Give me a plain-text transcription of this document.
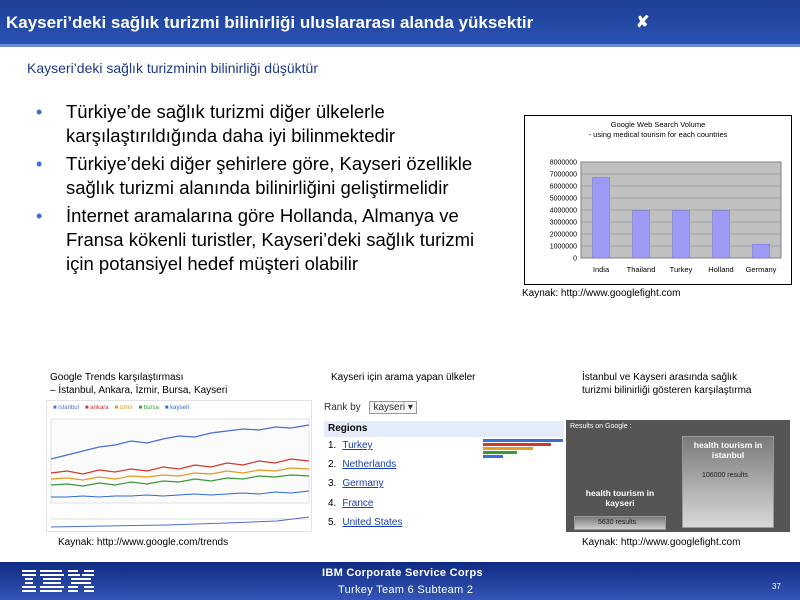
Kayseri’deki sağlık turizmi bilinirliği uluslararası alanda yüksektir	✘
Kayseri’deki sağlık turizminin bilinirliği düşüktür
• Türkiye’de sağlık turizmi diğer ülkelerle karşılaştırıldığında daha iyi bilinmektedir
• Türkiye’deki diğer şehirlere göre, Kayseri özellikle sağlık turizmi alanında bilinirliğini geliştirmelidir
• İnternet aramalarına göre Hollanda, Almanya ve Fransa kökenli turistler, Kayseri’deki sağlık turizmi için potansiyel hedef müşteri olabilir
Google Web Search Volume
- using medical tourism for each countries
8000000
7000000
6000000
5000000
4000000
3000000
2000000
1000000
0
India Thailand Turkey Holland Germany
Kaynak: http://www.googlefight.com
Google Trends karşılaştırması
– İstanbul, Ankara, İzmir, Bursa, Kayseri
■ istanbul ■ ankara ■ izmir ■ bursa ■ kayseri
Kaynak: http://www.google.com/trends
Kayseri için arama yapan ülkeler
Rank by kayseri ▾
Regions
1. Turkey
2. Netherlands
3. Germany
4. France
5. United States
İstanbul ve Kayseri arasında sağlık
turizmi bilinirliği gösteren karşılaştırma
Results on Google :
health tourism in istanbul
106000 results
health tourism in kayseri
5630 results
Kaynak: http://www.googlefight.com
IBM Corporate Service Corps
Turkey Team 6 Subteam 2	37
